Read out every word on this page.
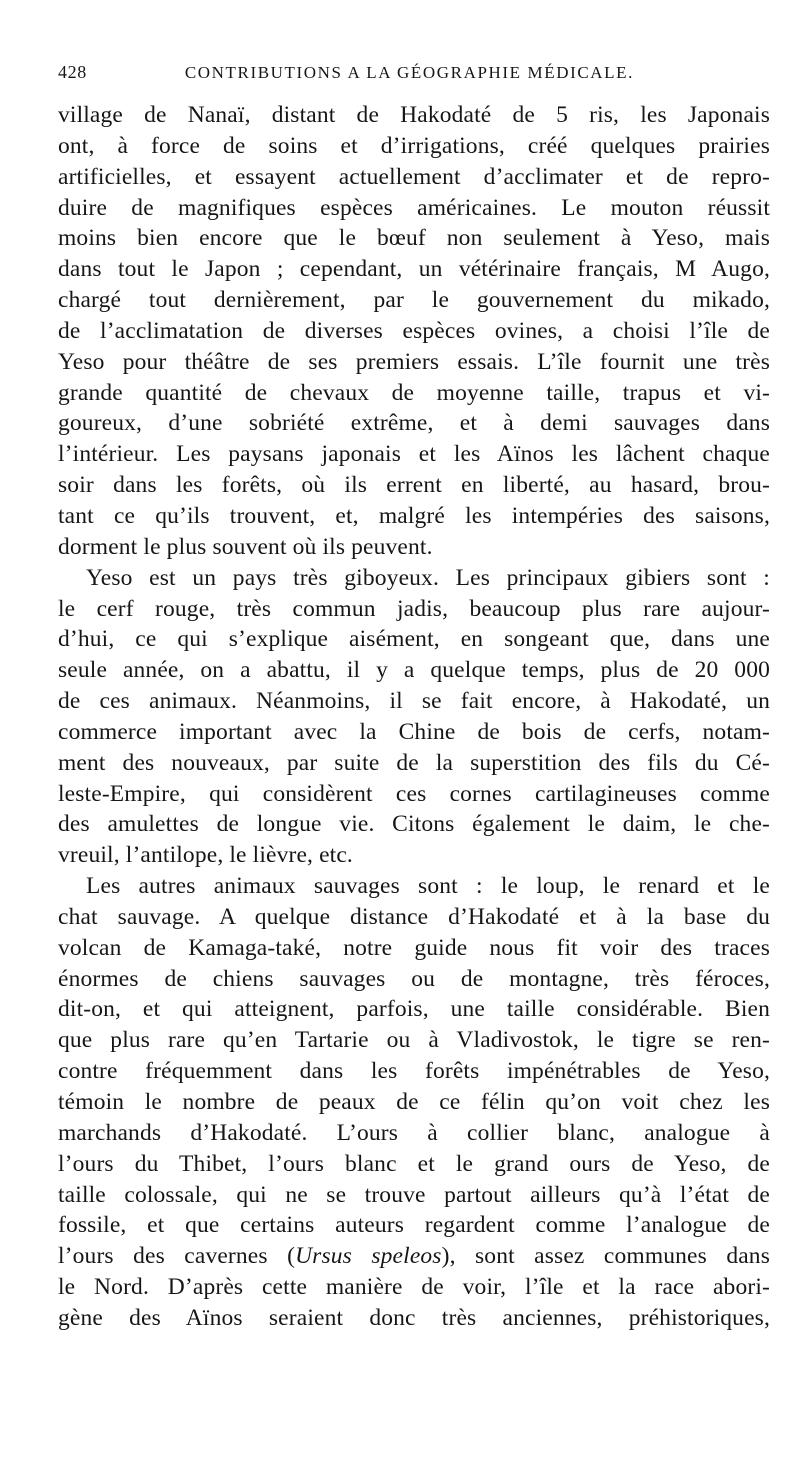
428	CONTRIBUTIONS A LA GÉOGRAPHIE MÉDICALE.
village de Nanaï, distant de Hakodaté de 5 ris, les Japonais
ont, à force de soins et d’irrigations, créé quelques prairies
artificielles, et essayent actuellement d’acclimater et de repro-
duire de magnifiques espèces américaines. Le mouton réussit
moins bien encore que le bœuf non seulement à Yeso, mais
dans tout le Japon ; cependant, un vétérinaire français, M Augo,
chargé tout dernièrement, par le gouvernement du mikado,
de l’acclimatation de diverses espèces ovines, a choisi l’île de
Yeso pour théâtre de ses premiers essais. L’île fournit une très
grande quantité de chevaux de moyenne taille, trapus et vi-
goureux, d’une sobriété extrême, et à demi sauvages dans
l’intérieur. Les paysans japonais et les Aïnos les lâchent chaque
soir dans les forêts, où ils errent en liberté, au hasard, brou-
tant ce qu’ils trouvent, et, malgré les intempéries des saisons,
dorment le plus souvent où ils peuvent.
Yeso est un pays très giboyeux. Les principaux gibiers sont :
le cerf rouge, très commun jadis, beaucoup plus rare aujour-
d’hui, ce qui s’explique aisément, en songeant que, dans une
seule année, on a abattu, il y a quelque temps, plus de 20 000
de ces animaux. Néanmoins, il se fait encore, à Hakodaté, un
commerce important avec la Chine de bois de cerfs, notam-
ment des nouveaux, par suite de la superstition des fils du Cé-
leste-Empire, qui considèrent ces cornes cartilagineuses comme
des amulettes de longue vie. Citons également le daim, le che-
vreuil, l’antilope, le lièvre, etc.
Les autres animaux sauvages sont : le loup, le renard et le
chat sauvage. A quelque distance d’Hakodaté et à la base du
volcan de Kamaga-také, notre guide nous fit voir des traces
énormes de chiens sauvages ou de montagne, très féroces,
dit-on, et qui atteignent, parfois, une taille considérable. Bien
que plus rare qu’en Tartarie ou à Vladivostok, le tigre se ren-
contre fréquemment dans les forêts impénétrables de Yeso,
témoin le nombre de peaux de ce félin qu’on voit chez les
marchands d’Hakodaté. L’ours à collier blanc, analogue à
l’ours du Thibet, l’ours blanc et le grand ours de Yeso, de
taille colossale, qui ne se trouve partout ailleurs qu’à l’état de
fossile, et que certains auteurs regardent comme l’analogue de
l’ours des cavernes (Ursus speleos), sont assez communes dans
le Nord. D’après cette manière de voir, l’île et la race abori-
gène des Aïnos seraient donc très anciennes, préhistoriques,
